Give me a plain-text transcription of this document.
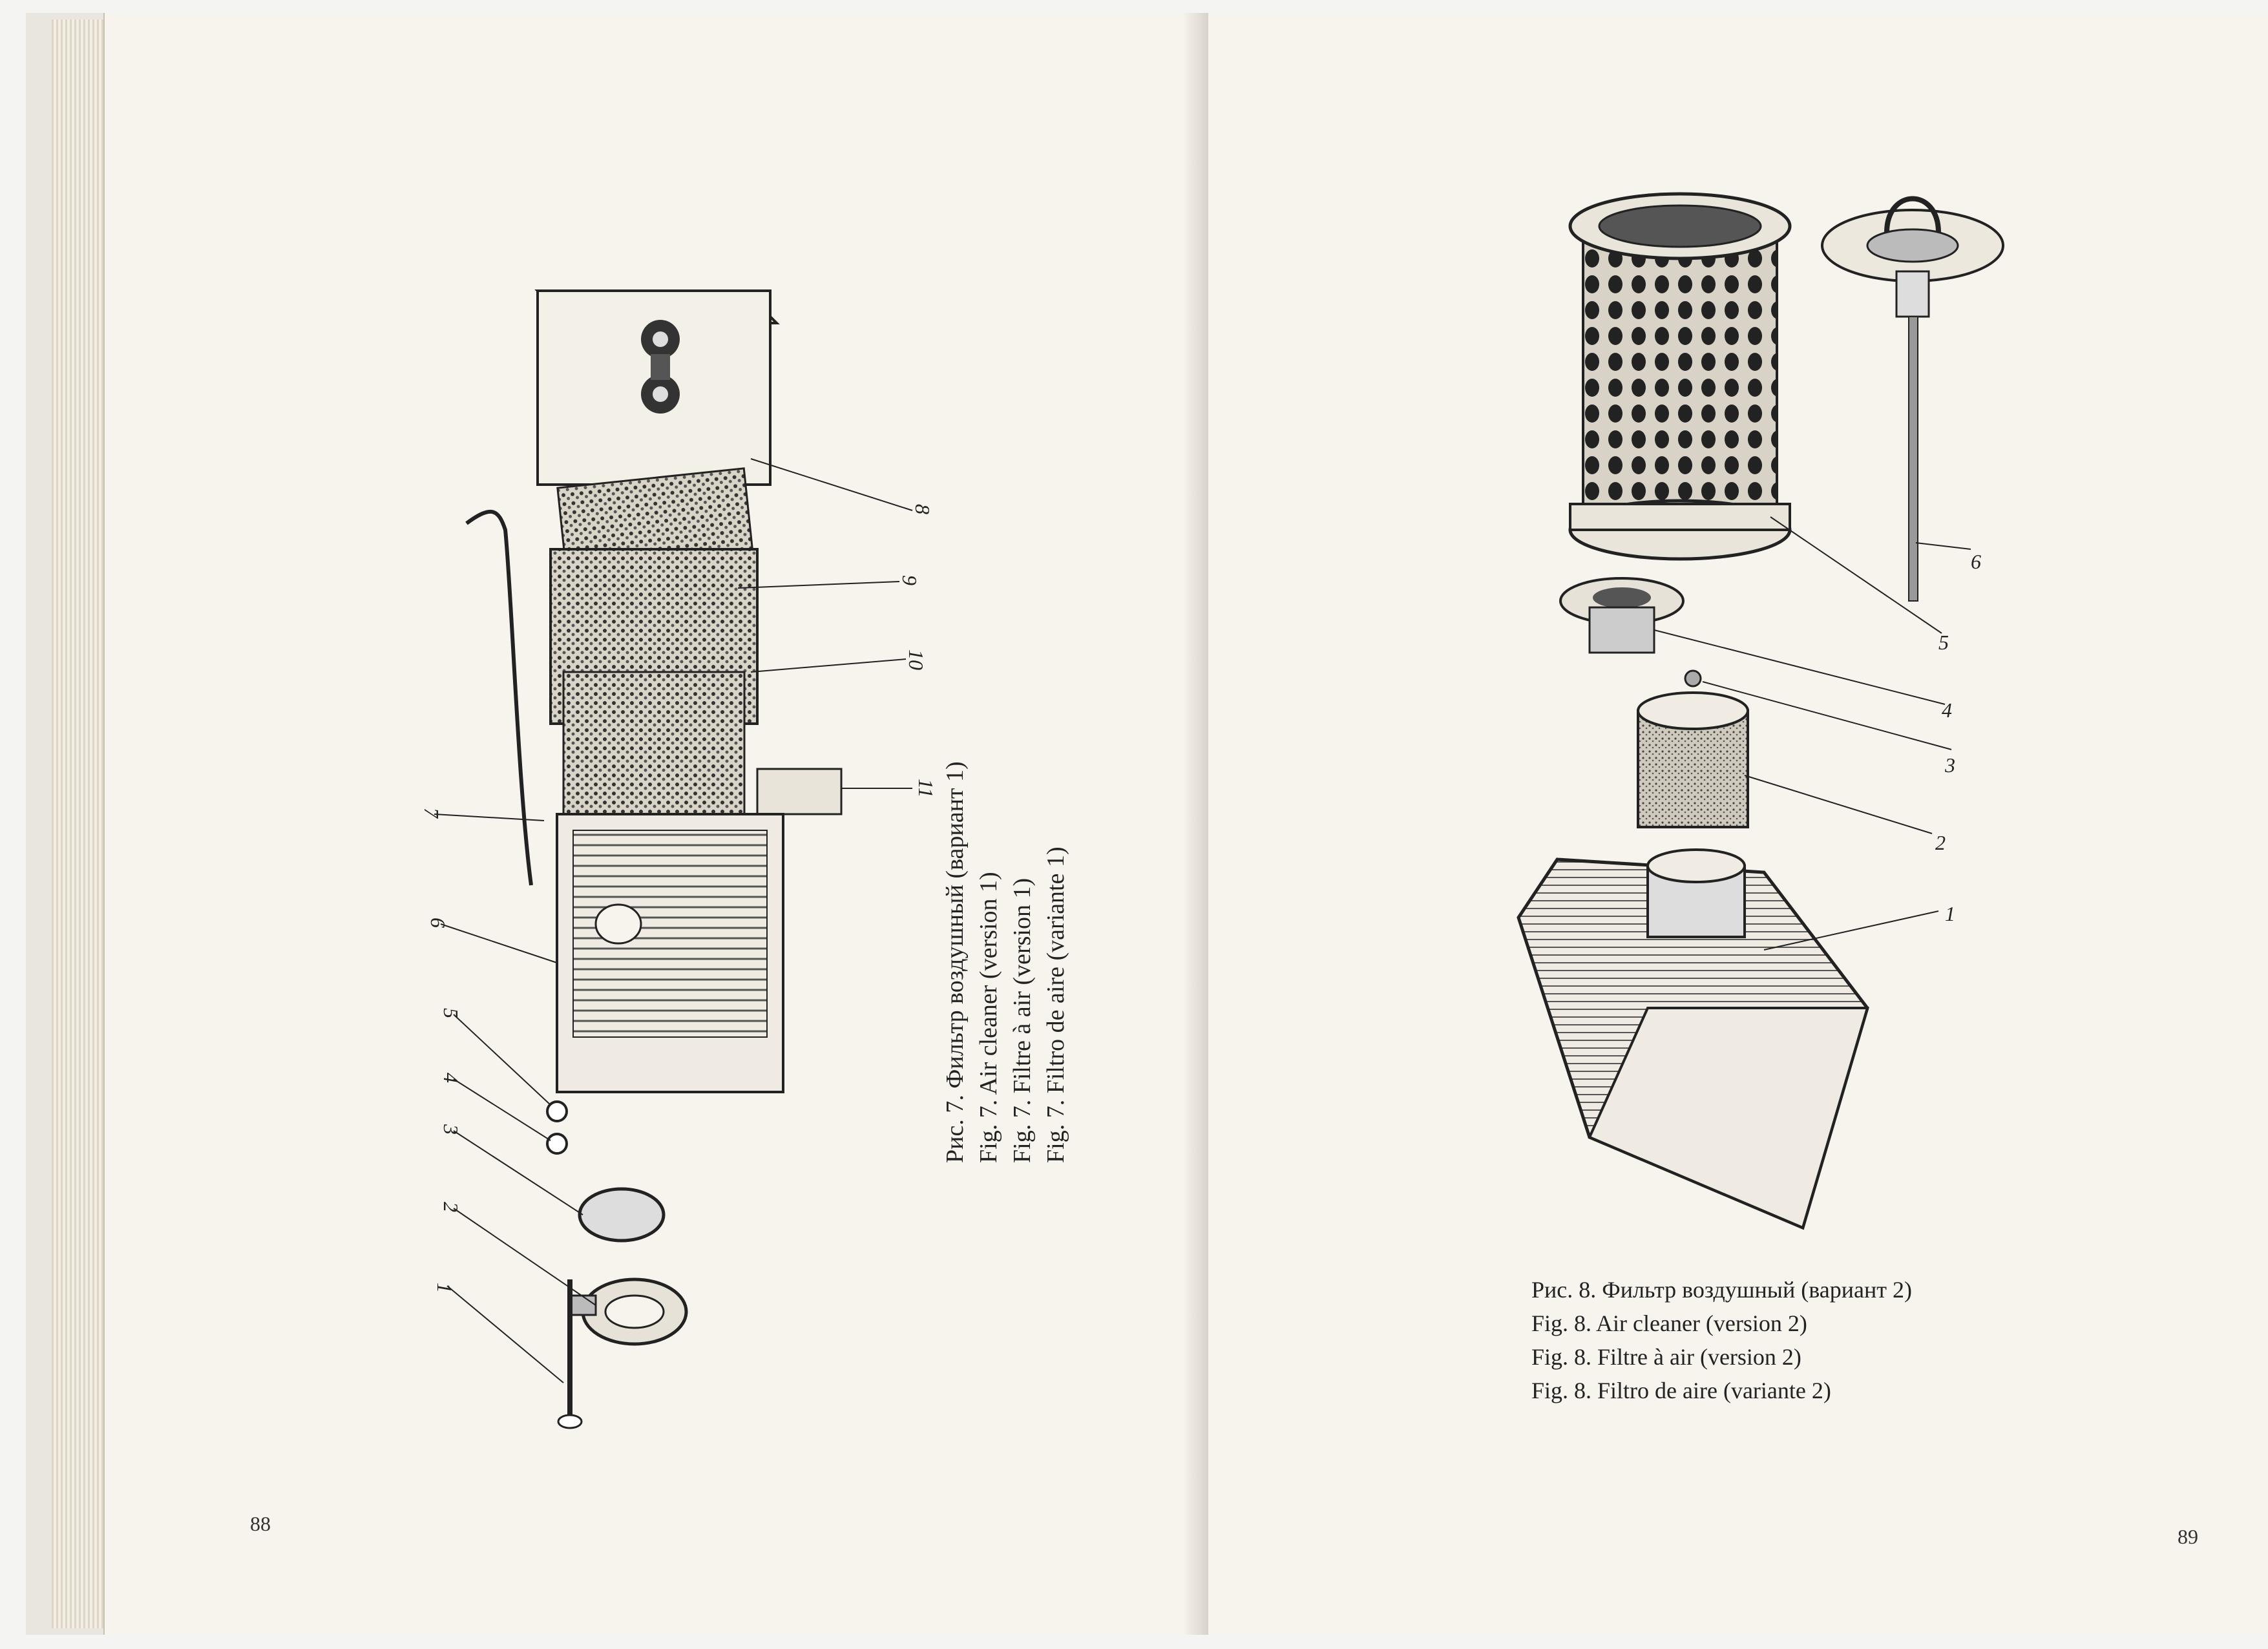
1
2
3
4
5
6
7
8
9
10
11 Рис. 7. Фильтр воздушный (вариант 1) Fig. 7. Air cleaner (version 1) Fig. 7. Filtre à air (version 1) Fig. 7. Filtro de aire (variante 1)
88
1
2
3
4
5
6
Рис. 8. Фильтр воздушный (вариант 2)
Fig. 8. Air cleaner (version 2)
Fig. 8. Filtre à air (version 2)
Fig. 8. Filtro de aire (variante 2)
89
